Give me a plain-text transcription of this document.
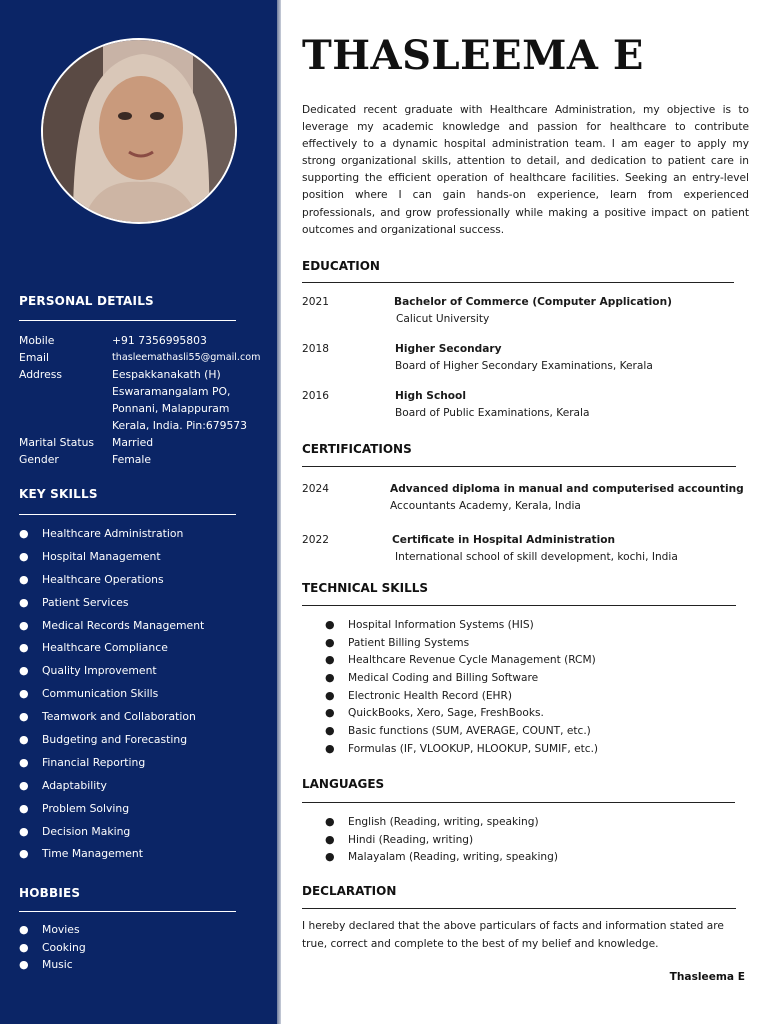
PERSONAL DETAILS
Mobile	+91 7356995803
Email	thasleemathasli55@gmail.com
Address	Eespakkanakath (H)
Eswaramangalam PO,
Ponnani, Malappuram
Kerala, India. Pin:679573
Marital Status Married
Gender	Female
KEY SKILLS
● Healthcare Administration
● Hospital Management
● Healthcare Operations
● Patient Services
● Medical Records Management
● Healthcare Compliance
● Quality Improvement
● Communication Skills
● Teamwork and Collaboration
● Budgeting and Forecasting
● Financial Reporting
● Adaptability
● Problem Solving
● Decision Making
● Time Management
HOBBIES
● Movies
● Cooking
● Music
THASLEEMA E

Dedicated recent graduate with Healthcare Administration, my objective is to leverage my academic knowledge and passion for healthcare to contribute effectively to a dynamic hospital administration team. I am eager to apply my strong organizational skills, attention to detail, and dedication to patient care in supporting the efficient operation of healthcare facilities. Seeking an entry-level position where I can gain hands-on experience, learn from experienced professionals, and grow professionally while making a positive impact on patient outcomes and organizational success.

EDUCATION
2021	Bachelor of Commerce (Computer Application)
Calicut University
2018	Higher Secondary
Board of Higher Secondary Examinations, Kerala
2016	High School
Board of Public Examinations, Kerala
CERTIFICATIONS
2024	Advanced diploma in manual and computerised accounting
Accountants Academy, Kerala, India
2022	Certificate in Hospital Administration
International school of skill development, kochi, India
TECHNICAL SKILLS
● Hospital Information Systems (HIS)
● Patient Billing Systems
● Healthcare Revenue Cycle Management (RCM)
● Medical Coding and Billing Software
● Electronic Health Record (EHR)
● QuickBooks, Xero, Sage, FreshBooks.
● Basic functions (SUM, AVERAGE, COUNT, etc.)
● Formulas (IF, VLOOKUP, HLOOKUP, SUMIF, etc.)
LANGUAGES
● English (Reading, writing, speaking)
● Hindi (Reading, writing)
● Malayalam (Reading, writing, speaking)
DECLARATION

I hereby declared that the above particulars of facts and information stated are true, correct and complete to the best of my belief and knowledge.

Thasleema E
